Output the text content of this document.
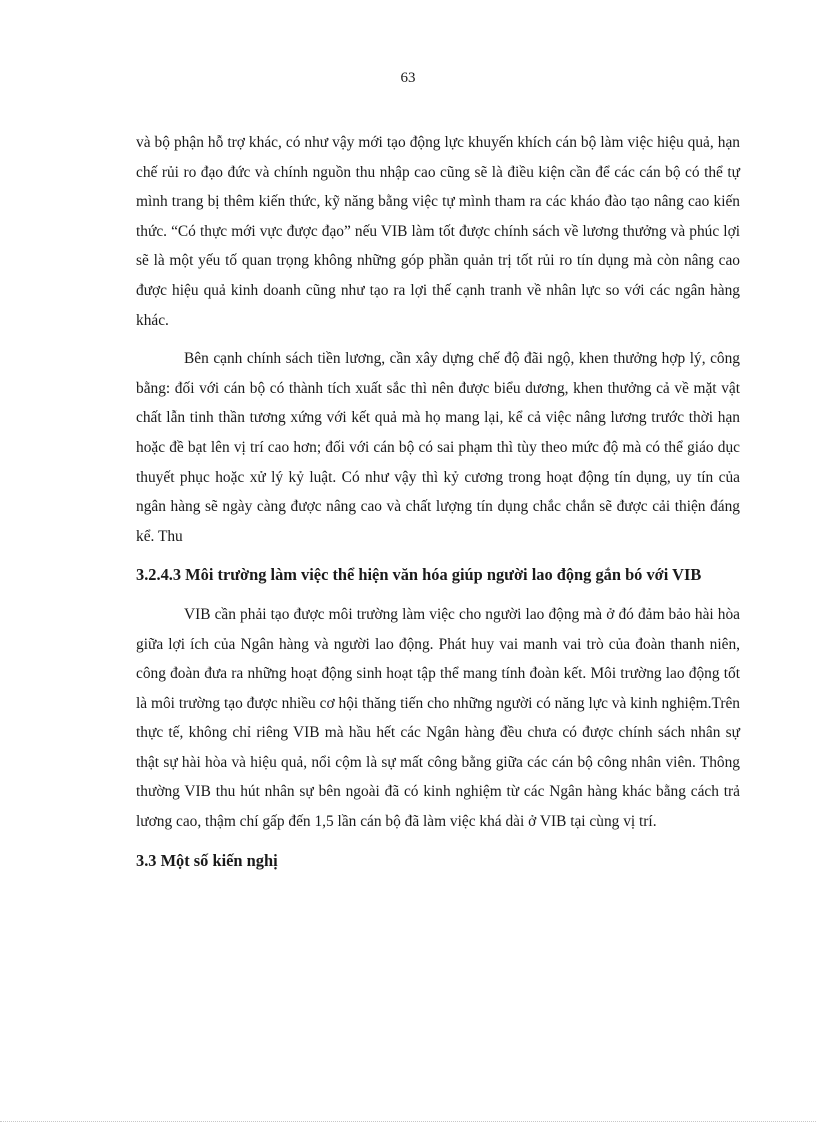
63

và bộ phận hỗ trợ khác, có như vậy mới tạo động lực khuyến khích cán bộ làm việc hiệu quả, hạn chế rủi ro đạo đức và chính nguồn thu nhập cao cũng sẽ là điều kiện cần để các cán bộ có thể tự mình trang bị thêm kiến thức, kỹ năng bằng việc tự mình tham ra các kháo đào tạo nâng cao kiến thức. “Có thực mới vực được đạo” nếu VIB làm tốt được chính sách về lương thưởng và phúc lợi sẽ là một yếu tố quan trọng không những góp phần quản trị tốt rủi ro tín dụng mà còn nâng cao được hiệu quả kinh doanh cũng như tạo ra lợi thế cạnh tranh về nhân lực so với các ngân hàng khác.

Bên cạnh chính sách tiền lương, cần xây dựng chế độ đãi ngộ, khen thưởng hợp lý, công bằng: đối với cán bộ có thành tích xuất sắc thì nên được biểu dương, khen thưởng cả về mặt vật chất lẫn tinh thần tương xứng với kết quả mà họ mang lại, kể cả việc nâng lương trước thời hạn hoặc đề bạt lên vị trí cao hơn; đối với cán bộ có sai phạm thì tùy theo mức độ mà có thể giáo dục thuyết phục hoặc xử lý kỷ luật. Có như vậy thì kỷ cương trong hoạt động tín dụng, uy tín của ngân hàng sẽ ngày càng được nâng cao và chất lượng tín dụng chắc chắn sẽ được cải thiện đáng kể. Thu

3.2.4.3 Môi trường làm việc thể hiện văn hóa giúp người lao động gắn bó với VIB

VIB cần phải tạo được môi trường làm việc cho người lao động mà ở đó đảm bảo hài hòa giữa lợi ích của Ngân hàng và người lao động. Phát huy vai manh vai trò của đoàn thanh niên, công đoàn đưa ra những hoạt động sinh hoạt tập thể mang tính đoàn kết. Môi trường lao động tốt là môi trường tạo được nhiều cơ hội thăng tiến cho những người có năng lực và kinh nghiệm.Trên thực tế, không chỉ riêng VIB mà hầu hết các Ngân hàng đều chưa có được chính sách nhân sự thật sự hài hòa và hiệu quả, nổi cộm là sự mất công bằng giữa các cán bộ công nhân viên. Thông thường VIB thu hút nhân sự bên ngoài đã có kinh nghiệm từ các Ngân hàng khác bằng cách trả lương cao, thậm chí gấp đến 1,5 lần cán bộ đã làm việc khá dài ở VIB tại cùng vị trí.

3.3 Một số kiến nghị
